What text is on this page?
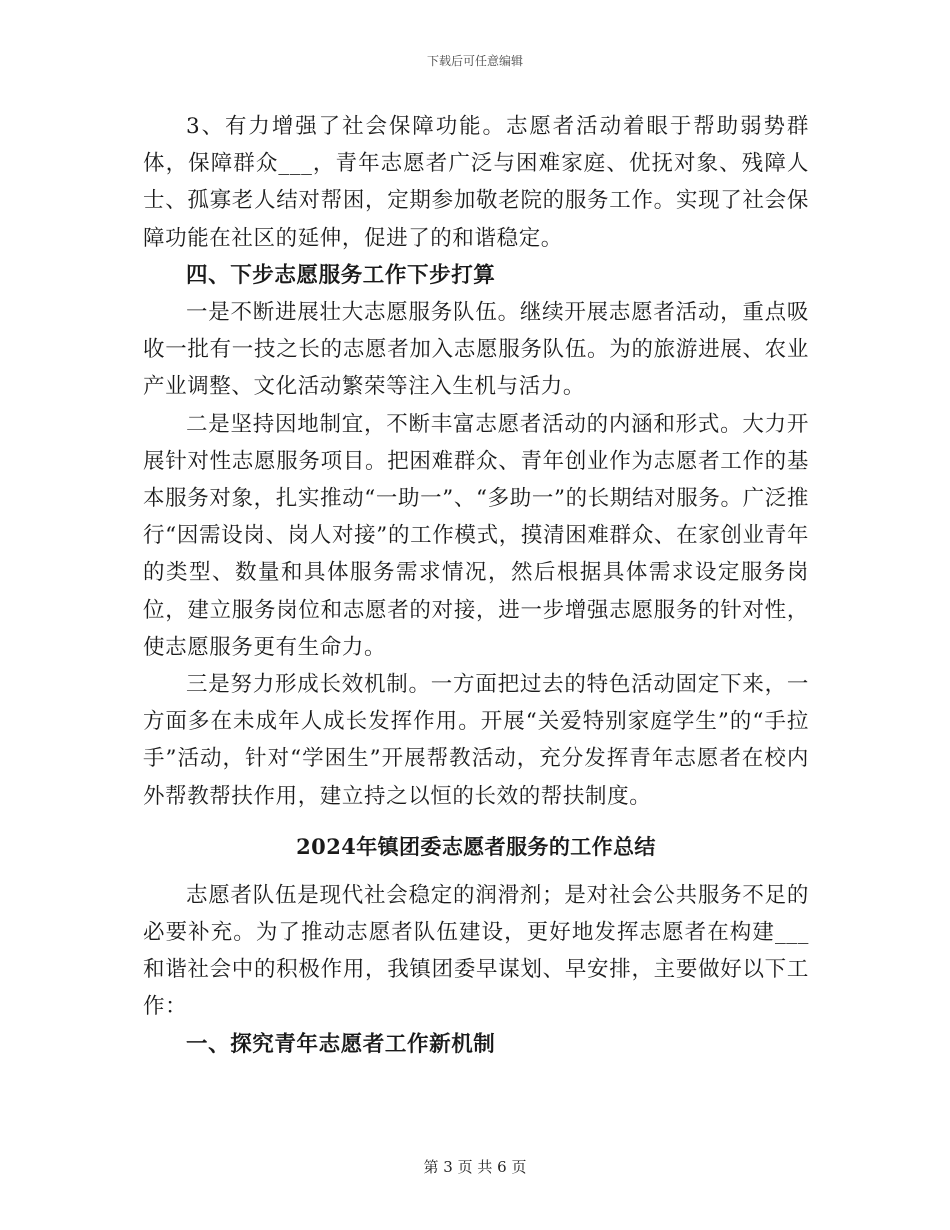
下载后可任意编辑

3、有力增强了社会保障功能。志愿者活动着眼于帮助弱势群体，保障群众___，青年志愿者广泛与困难家庭、优抚对象、残障人士、孤寡老人结对帮困，定期参加敬老院的服务工作。实现了社会保障功能在社区的延伸，促进了的和谐稳定。

四、下步志愿服务工作下步打算

一是不断进展壮大志愿服务队伍。继续开展志愿者活动，重点吸收一批有一技之长的志愿者加入志愿服务队伍。为的旅游进展、农业产业调整、文化活动繁荣等注入生机与活力。

二是坚持因地制宜，不断丰富志愿者活动的内涵和形式。大力开展针对性志愿服务项目。把困难群众、青年创业作为志愿者工作的基本服务对象，扎实推动“一助一”、“多助一”的长期结对服务。广泛推行“因需设岗、岗人对接”的工作模式，摸清困难群众、在家创业青年的类型、数量和具体服务需求情况，然后根据具体需求设定服务岗位，建立服务岗位和志愿者的对接，进一步增强志愿服务的针对性，使志愿服务更有生命力。

三是努力形成长效机制。一方面把过去的特色活动固定下来，一方面多在未成年人成长发挥作用。开展“关爱特别家庭学生”的“手拉手”活动，针对“学困生”开展帮教活动，充分发挥青年志愿者在校内外帮教帮扶作用，建立持之以恒的长效的帮扶制度。

2024年镇团委志愿者服务的工作总结

志愿者队伍是现代社会稳定的润滑剂；是对社会公共服务不足的必要补充。为了推动志愿者队伍建设，更好地发挥志愿者在构建___和谐社会中的积极作用，我镇团委早谋划、早安排，主要做好以下工作：

一、探究青年志愿者工作新机制

第 3 页 共 6 页
